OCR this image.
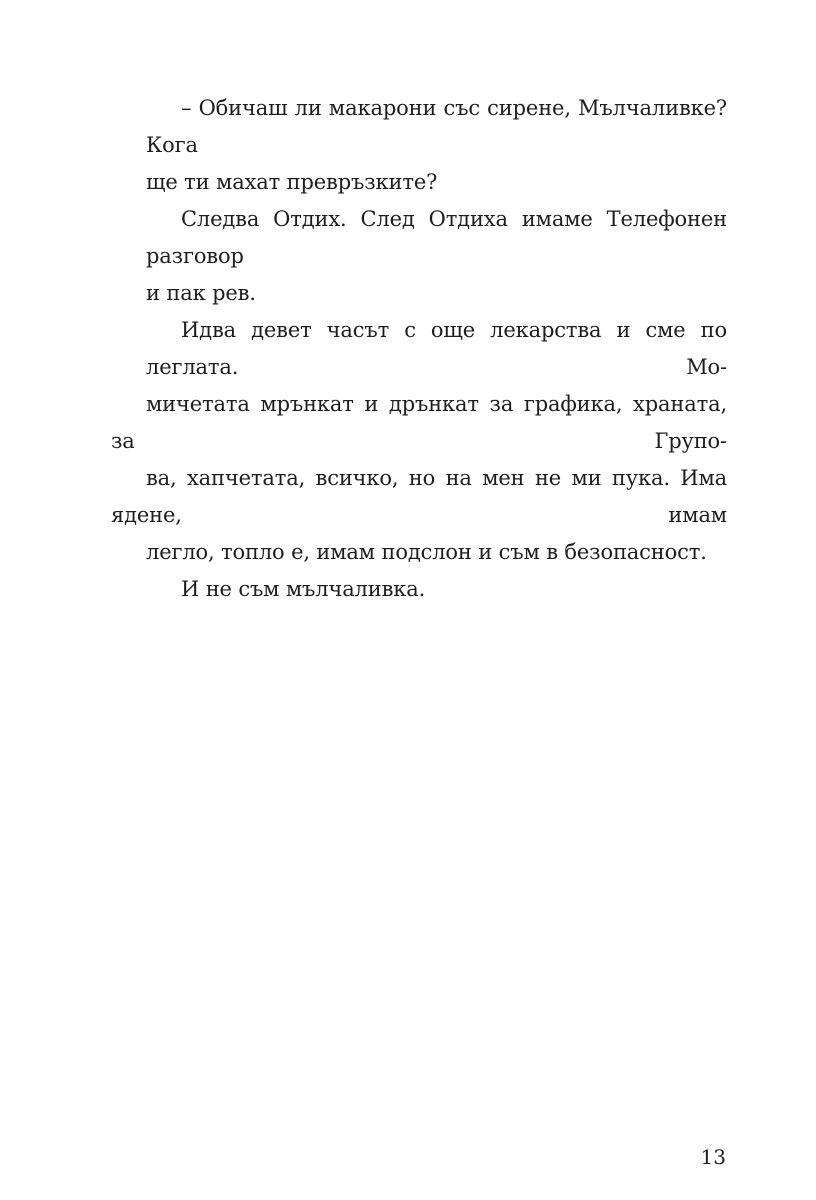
– Обичаш ли макарони със сирене, Мълчаливке? Кога
ще ти махат превръзките?
Следва Отдих. След Отдиха имаме Телефонен разговор
и пак рев.
Идва девет часът с още лекарства и сме по леглата. Мо-
мичетата мрънкат и дрънкат за графика, храната, за Групо-
ва, хапчетата, всичко, но на мен не ми пука. Има ядене, имам
легло, топло е, имам подслон и съм в безопасност.
И не съм мълчаливка.
13
